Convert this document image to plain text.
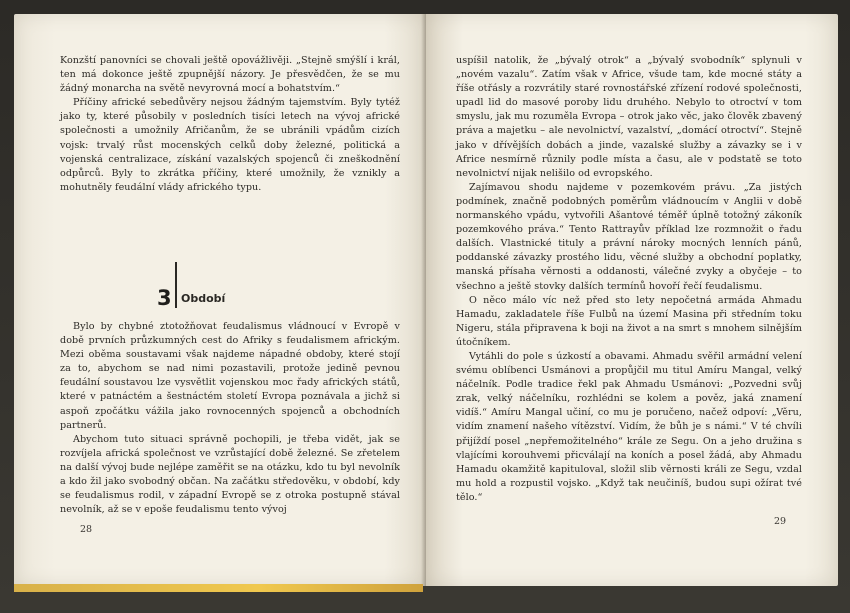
Konzští panovníci se chovali ještě opovážlivěji. „Stejně smýšlí i král, ten má dokonce ještě zpupnější názory. Je přesvědčen, že se mu žádný monarcha na světě nevyrovná mocí a bohatstvím.“

Příčiny africké sebedůvěry nejsou žádným tajemstvím. Byly tytéž jako ty, které působily v posledních tisíci letech na vývoj africké společnosti a umožnily Afričanům, že se ubránili vpádům cizích vojsk: trvalý růst mocenských celků doby železné, politická a vojenská centralizace, získání vazalských spojenců či zneškodnění odpůrců. Byly to zkrátka příčiny, které umožnily, že vznikly a mohutněly feudální vlády afrického typu.

3 Období

Bylo by chybné ztotožňovat feudalismus vládnoucí v Evropě v době prvních průzkumných cest do Afriky s feudalismem africkým. Mezi oběma soustavami však najdeme nápadné obdoby, které stojí za to, abychom se nad nimi pozastavili, protože jedině pevnou feudální soustavou lze vysvětlit vojenskou moc řady afrických států, které v patnáctém a šestnáctém století Evropa poznávala a jichž si aspoň zpočátku vážila jako rovnocenných spojenců a obchodních partnerů.

Abychom tuto situaci správně pochopili, je třeba vidět, jak se rozvíjela africká společnost ve vzrůstající době železné. Se zřetelem na další vývoj bude nejlépe zaměřit se na otázku, kdo tu byl nevolník a kdo žil jako svobodný občan. Na začátku středověku, v období, kdy se feudalismus rodil, v západní Evropě se z otroka postupně stával nevolník, až se v epoše feudalismu tento vývoj

28

uspíšil natolik, že „bývalý otrok“ a „bývalý svobodník“ splynuli v „novém vazalu“. Zatím však v Africe, všude tam, kde mocné státy a říše otřásly a rozvrátily staré rovnostářské zřízení rodové společnosti, upadl lid do masové poroby lidu druhého. Nebylo to otroctví v tom smyslu, jak mu rozuměla Evropa – otrok jako věc, jako člověk zbavený práva a majetku – ale nevolnictví, vazalství, „domácí otroctví“. Stejně jako v dřívějších dobách a jinde, vazalské služby a závazky se i v Africe nesmírně různily podle místa a času, ale v podstatě se toto nevolnictví nijak nelišilo od evropského.

Zajímavou shodu najdeme v pozemkovém právu. „Za jistých podmínek, značně podobných poměrům vládnoucím v Anglii v době normanského vpádu, vytvořili Ašantové téměř úplně totožný zákoník pozemkového práva.“ Tento Rattrayův příklad lze rozmnožit o řadu dalších. Vlastnické tituly a právní nároky mocných lenních pánů, poddanské závazky prostého lidu, věcné služby a obchodní poplatky, manská přísaha věrnosti a oddanosti, válečné zvyky a obyčeje – to všechno a ještě stovky dalších termínů hovoří řečí feudalismu.

O něco málo víc než před sto lety nepočetná armáda Ahmadu Hamadu, zakladatele říše Fulbů na území Masina při středním toku Nigeru, stála připravena k boji na život a na smrt s mnohem silnějším útočníkem.

Vytáhli do pole s úzkostí a obavami. Ahmadu svěřil armádní velení svému oblíbenci Usmánovi a propůjčil mu titul Amíru Mangal, velký náčelník. Podle tradice řekl pak Ahmadu Usmánovi: „Pozvedni svůj zrak, velký náčelníku, rozhlédni se kolem a pověz, jaká znamení vidíš.“ Amíru Mangal učiní, co mu je poručeno, načež odpoví: „Věru, vidím znamení našeho vítězství. Vidím, že bůh je s námi.“ V té chvíli přijíždí posel „nepřemožitelného“ krále ze Segu. On a jeho družina s vlajícími korouhvemi přicválají na koních a posel žádá, aby Ahmadu Hamadu okamžitě kapituloval, složil slib věrnosti králi ze Segu, vzdal mu hold a rozpustil vojsko. „Když tak neučiníš, budou supi ožírat tvé tělo.“

29
